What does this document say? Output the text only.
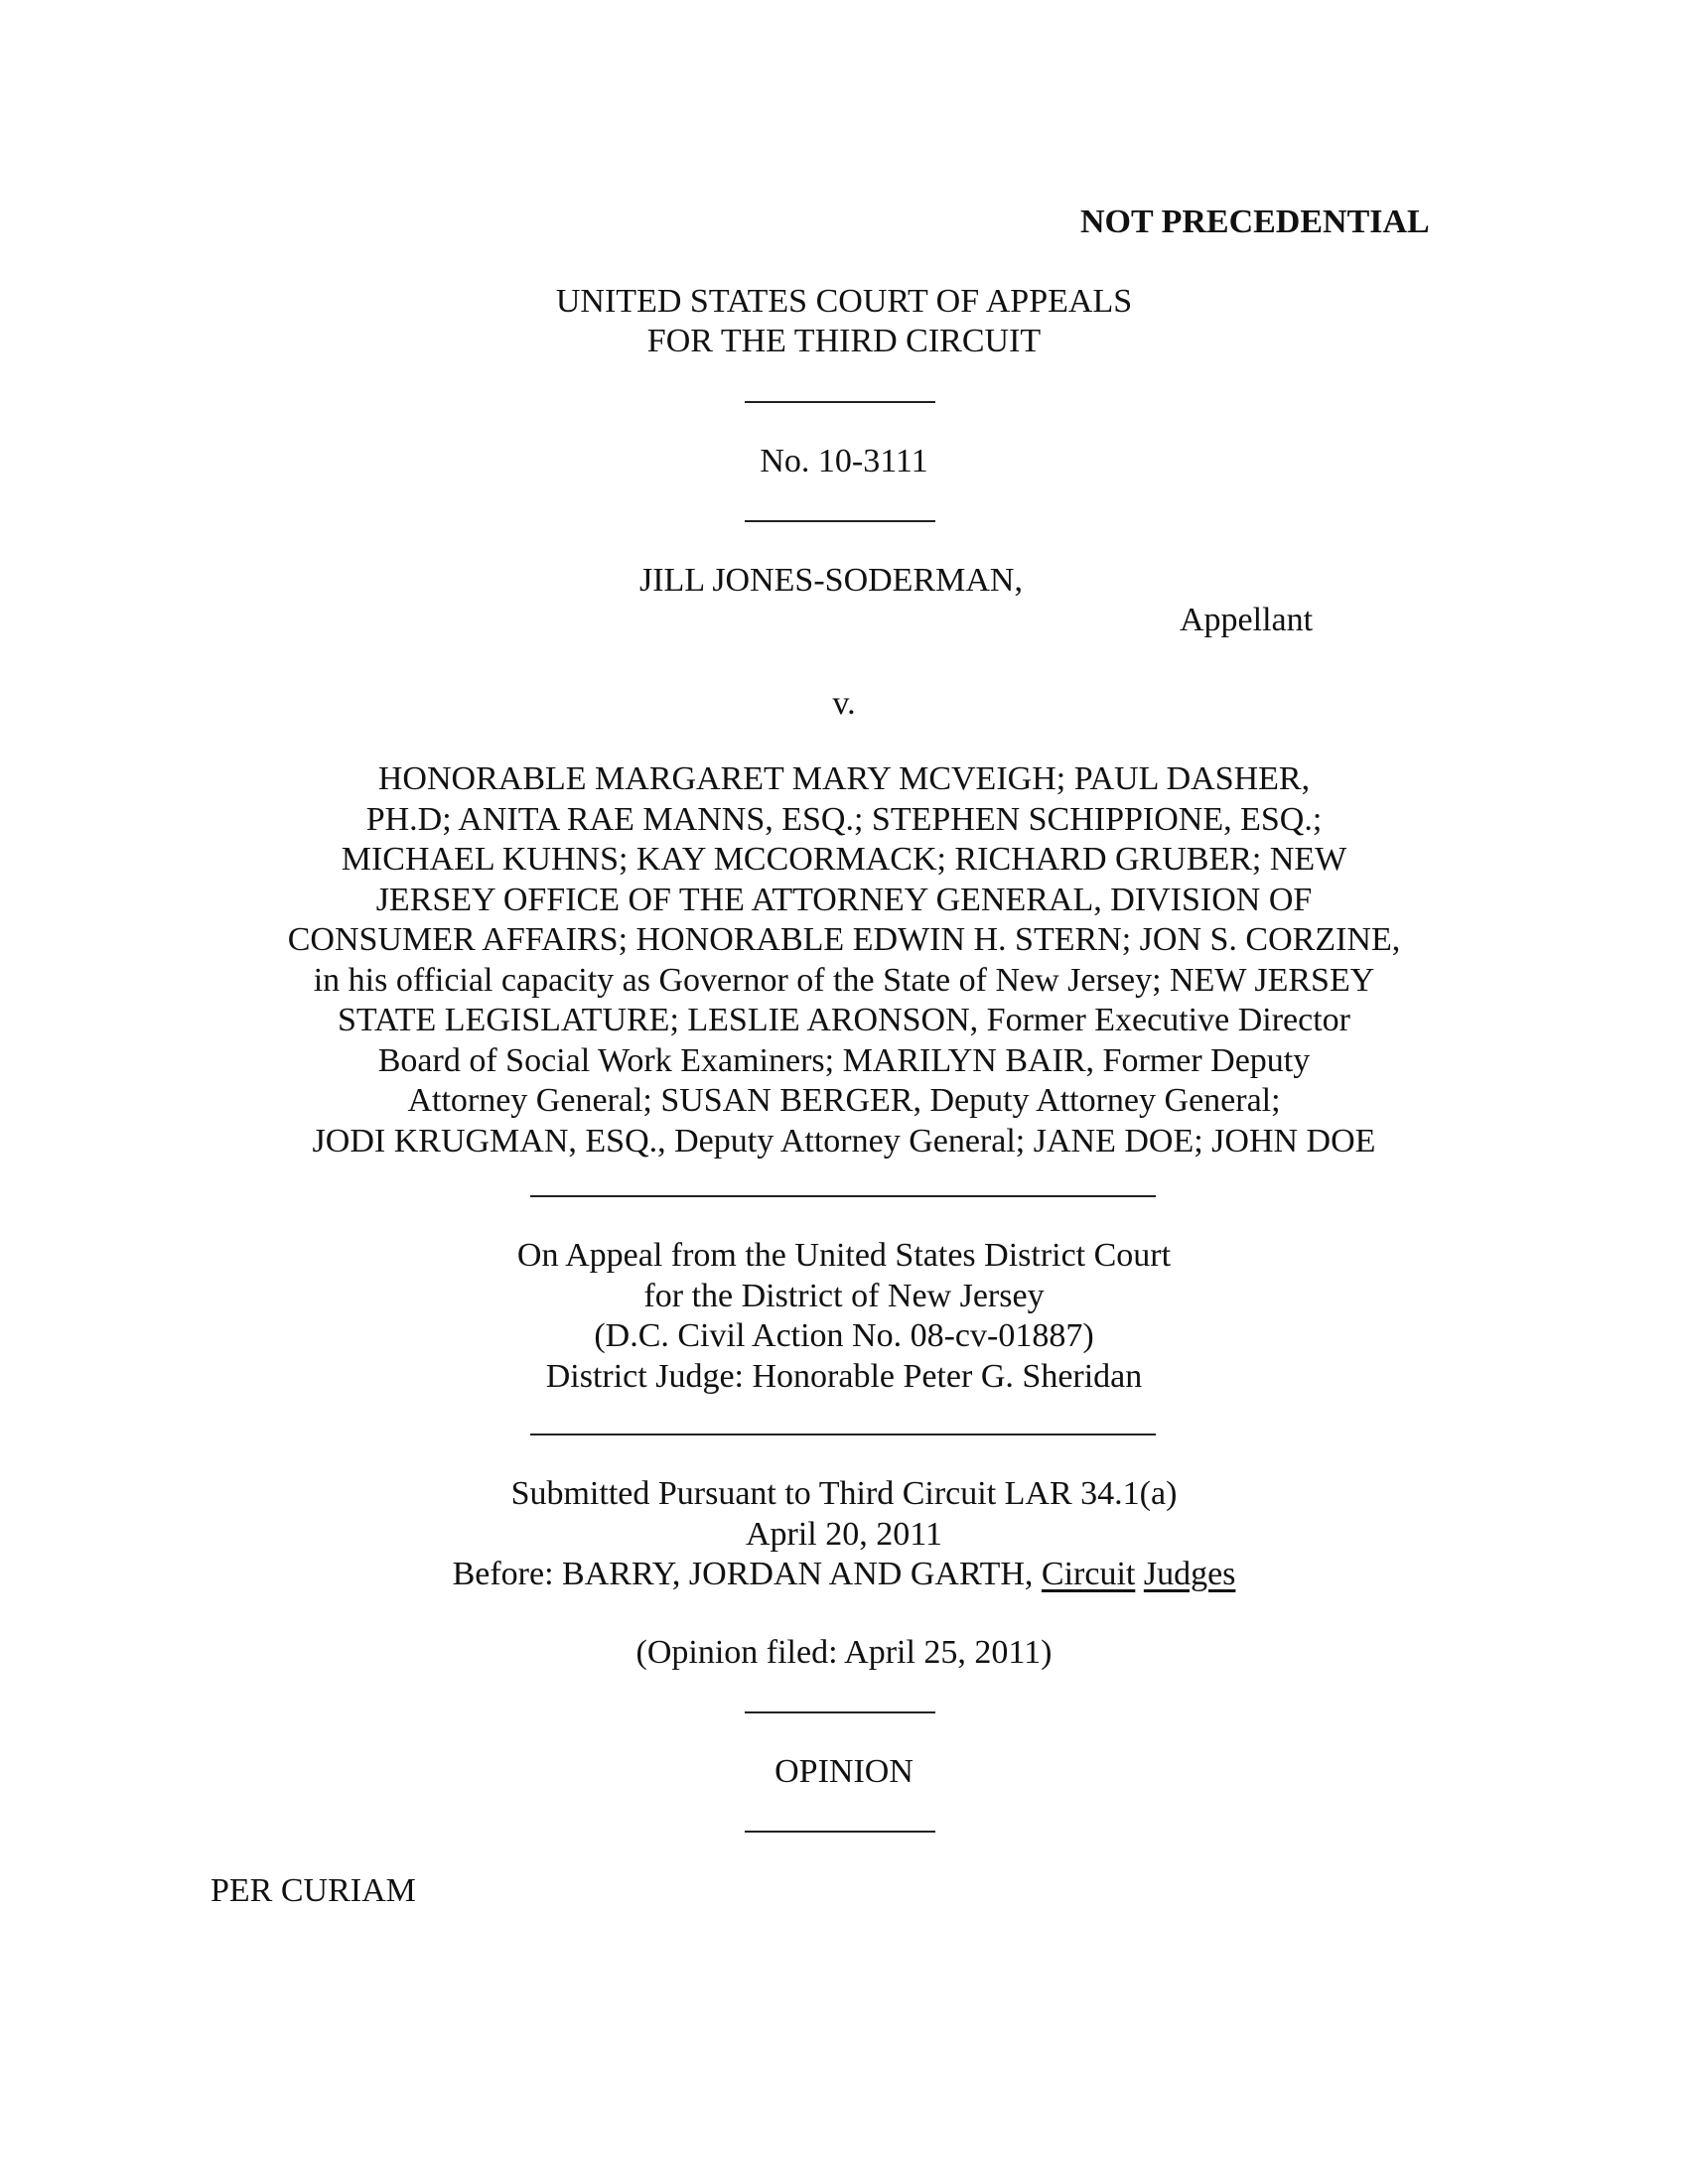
NOT PRECEDENTIAL
UNITED STATES COURT OF APPEALS
FOR THE THIRD CIRCUIT
No. 10-3111
JILL JONES-SODERMAN,
Appellant
v.
HONORABLE MARGARET MARY MCVEIGH; PAUL DASHER,
PH.D; ANITA RAE MANNS, ESQ.; STEPHEN SCHIPPIONE, ESQ.;
MICHAEL KUHNS; KAY MCCORMACK; RICHARD GRUBER; NEW
JERSEY OFFICE OF THE ATTORNEY GENERAL, DIVISION OF
CONSUMER AFFAIRS; HONORABLE EDWIN H. STERN; JON S. CORZINE,
in his official capacity as Governor of the State of New Jersey; NEW JERSEY
STATE LEGISLATURE; LESLIE ARONSON, Former Executive Director
Board of Social Work Examiners; MARILYN BAIR, Former Deputy
Attorney General; SUSAN BERGER, Deputy Attorney General;
JODI KRUGMAN, ESQ., Deputy Attorney General; JANE DOE; JOHN DOE
On Appeal from the United States District Court
for the District of New Jersey
(D.C. Civil Action No. 08-cv-01887)
District Judge: Honorable Peter G. Sheridan
Submitted Pursuant to Third Circuit LAR 34.1(a)
April 20, 2011
Before: BARRY, JORDAN AND GARTH, Circuit Judges
(Opinion filed: April 25, 2011)
OPINION
PER CURIAM
